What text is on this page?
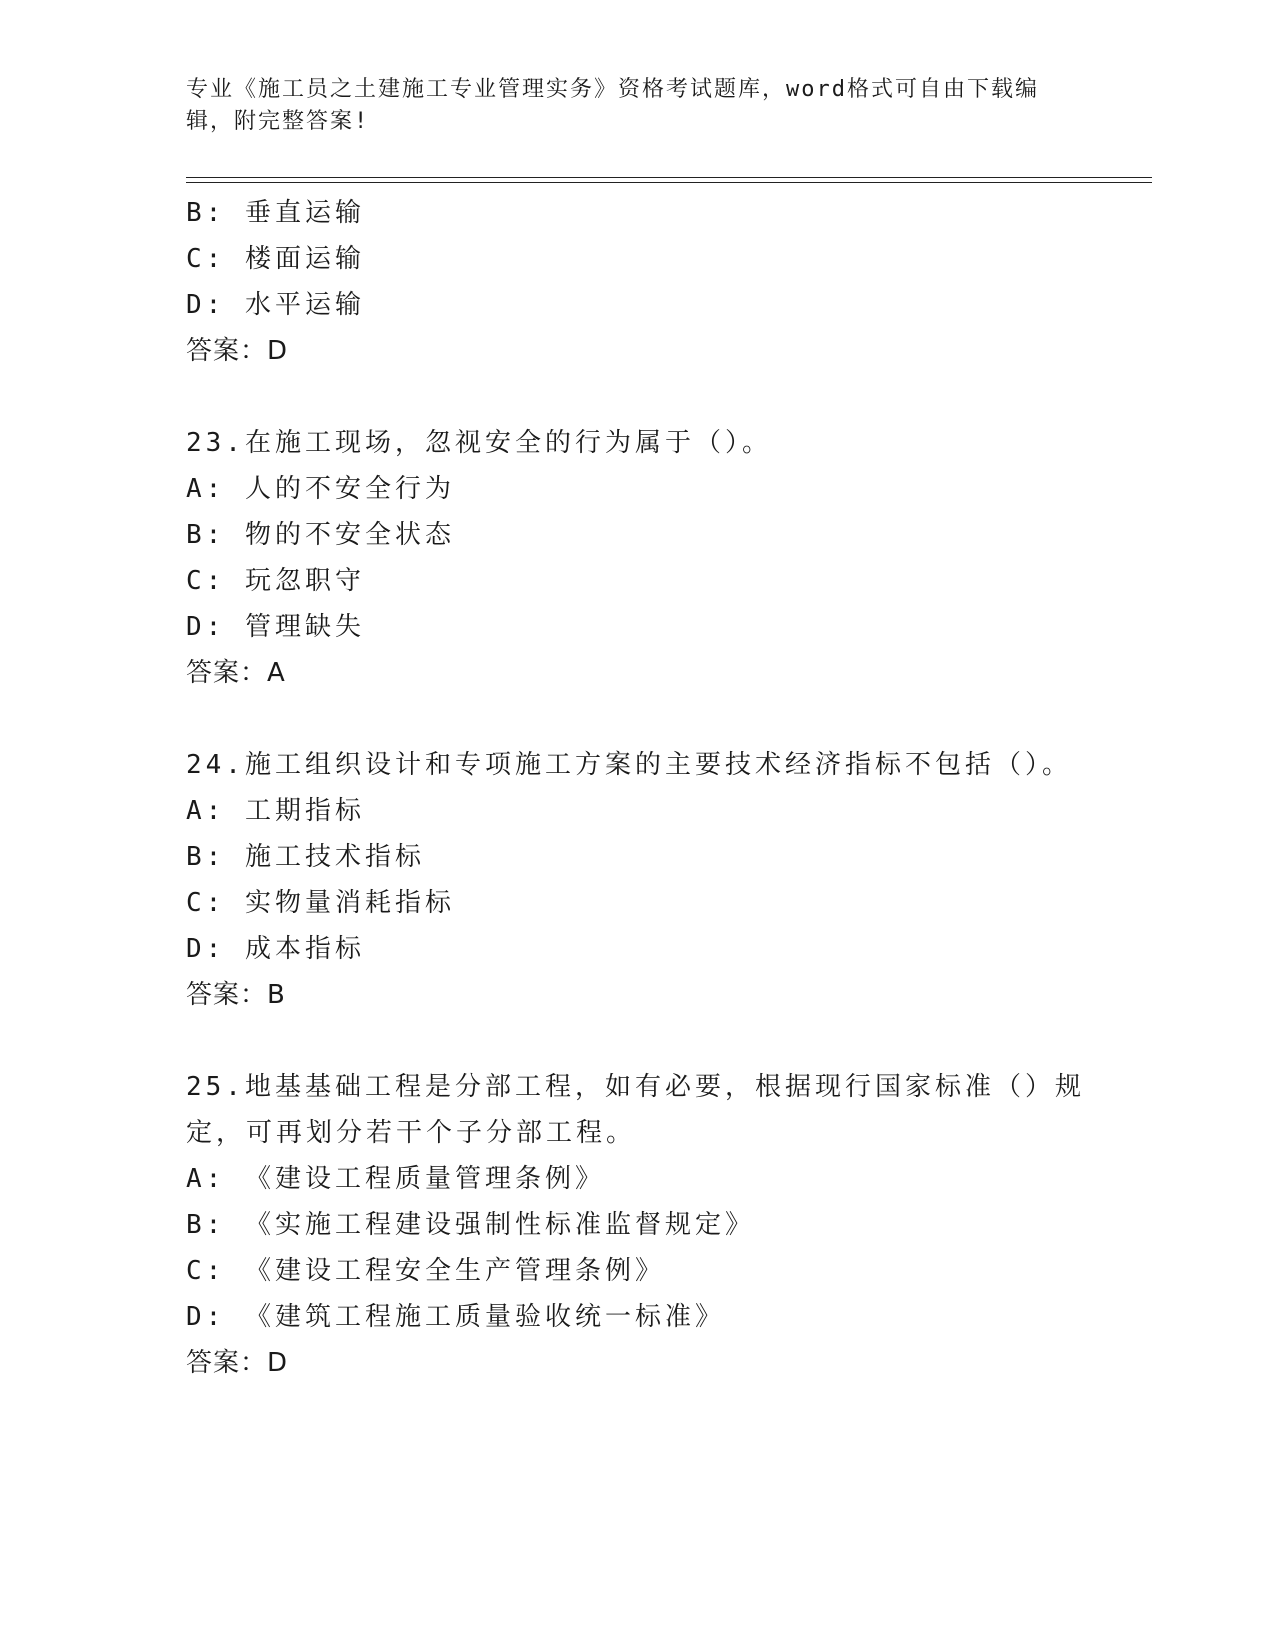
专业《施工员之土建施工专业管理实务》资格考试题库，word格式可自由下载编辑，附完整答案!
B: 垂直运输
C: 楼面运输
D: 水平运输
答案：D
23.在施工现场，忽视安全的行为属于（）。
A: 人的不安全行为
B: 物的不安全状态
C: 玩忽职守
D: 管理缺失
答案：A
24.施工组织设计和专项施工方案的主要技术经济指标不包括（）。
A: 工期指标
B: 施工技术指标
C: 实物量消耗指标
D: 成本指标
答案：B
25.地基基础工程是分部工程，如有必要，根据现行国家标准（）规定，可再划分若干个子分部工程。
A: 《建设工程质量管理条例》
B: 《实施工程建设强制性标准监督规定》
C: 《建设工程安全生产管理条例》
D: 《建筑工程施工质量验收统一标准》
答案：D
